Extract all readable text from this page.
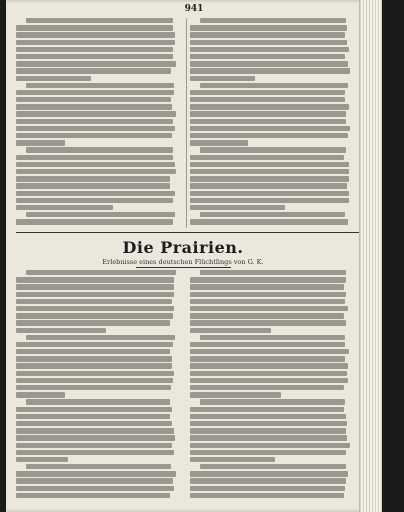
941
Die Prairien.
Erlebnisse eines deutschen Flüchtlings von G. K.
